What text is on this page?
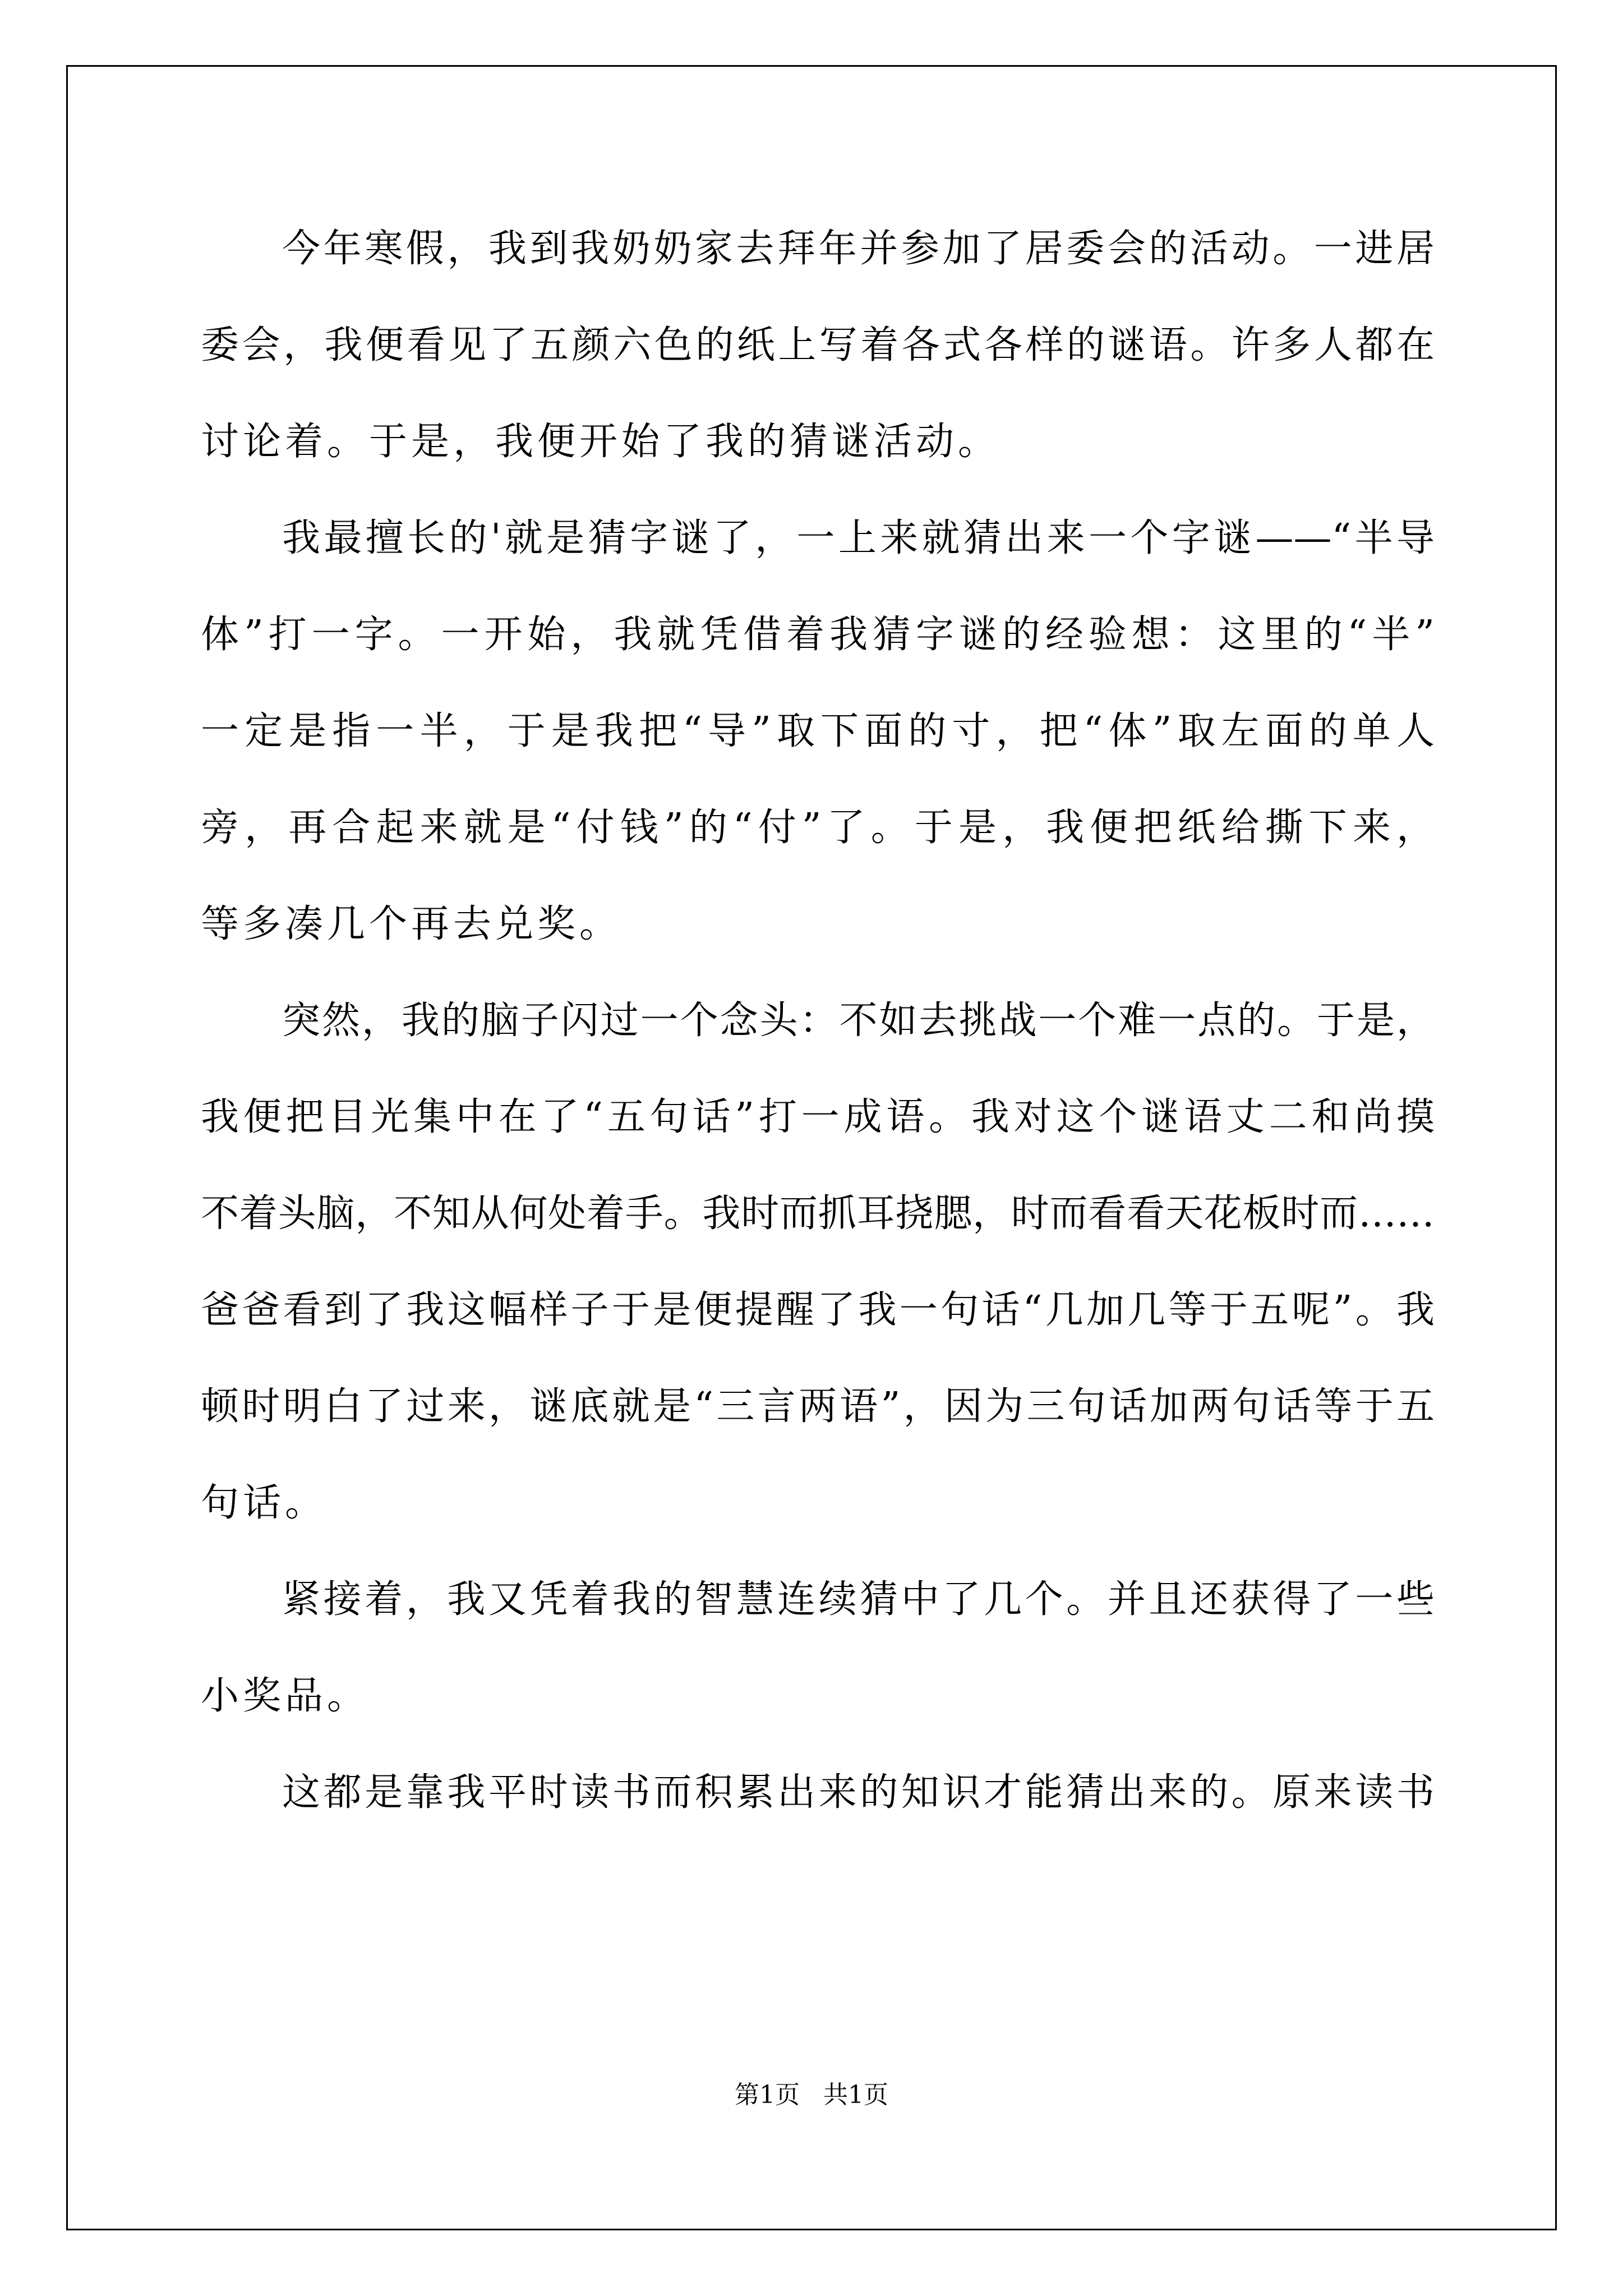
今年寒假，我到我奶奶家去拜年并参加了居委会的活动。一进居
委会，我便看见了五颜六色的纸上写着各式各样的谜语。许多人都在
讨论着。于是，我便开始了我的猜谜活动。
我最擅长的'就是猜字谜了，一上来就猜出来一个字谜——“半导
体”打一字。一开始，我就凭借着我猜字谜的经验想：这里的“半”
一定是指一半，于是我把“导”取下面的寸，把“体”取左面的单人
旁，再合起来就是“付钱”的“付”了。于是，我便把纸给撕下来，
等多凑几个再去兑奖。
突然，我的脑子闪过一个念头：不如去挑战一个难一点的。于是，
我便把目光集中在了“五句话”打一成语。我对这个谜语丈二和尚摸
不着头脑，不知从何处着手。我时而抓耳挠腮，时而看看天花板时而……
爸爸看到了我这幅样子于是便提醒了我一句话“几加几等于五呢”。我
顿时明白了过来，谜底就是“三言两语”，因为三句话加两句话等于五
句话。
紧接着，我又凭着我的智慧连续猜中了几个。并且还获得了一些
小奖品。
这都是靠我平时读书而积累出来的知识才能猜出来的。原来读书
第1页   共1页
